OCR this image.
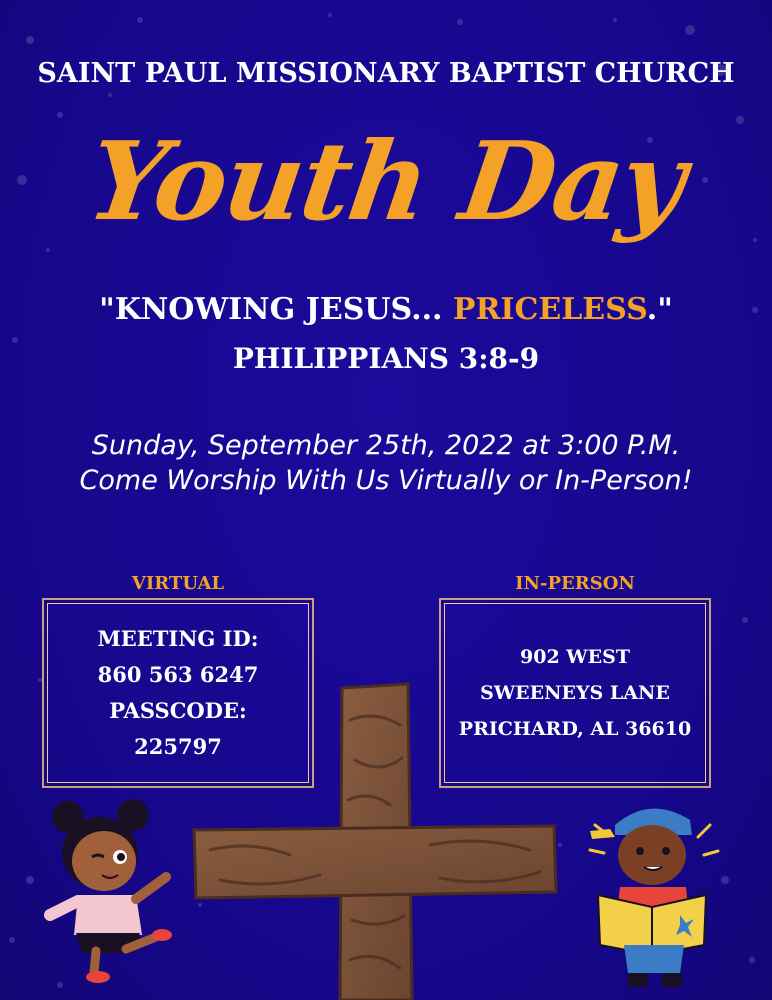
SAINT PAUL MISSIONARY BAPTIST CHURCH
Youth Day
"KNOWING JESUS... PRICELESS."
PHILIPPIANS 3:8-9
Sunday, September 25th, 2022 at 3:00 P.M.
Come Worship With Us Virtually or In-Person!
VIRTUAL	IN-PERSON
MEETING ID:
860 563 6247
PASSCODE:
225797
902 WEST
SWEENEYS LANE
PRICHARD, AL 36610
